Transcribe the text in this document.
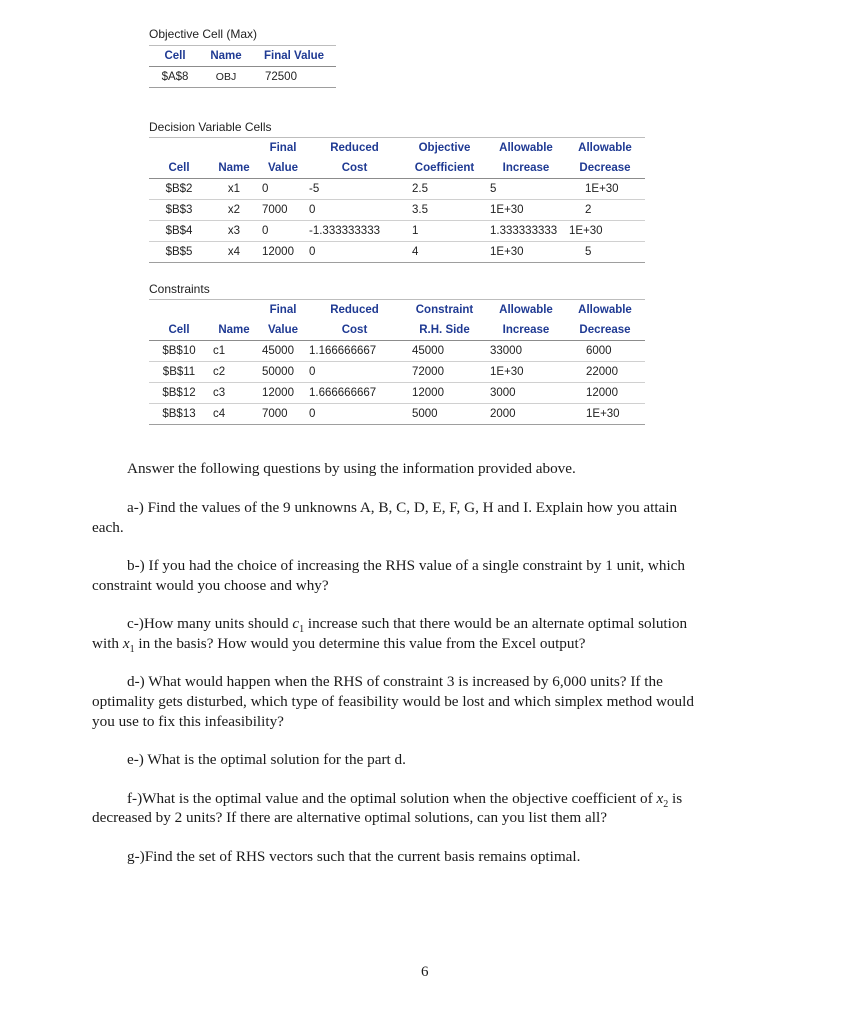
Objective Cell (Max)
Cell	Name	Final Value
$A$8	OBJ	72500
Decision Variable Cells
		Final	Reduced	Objective	Allowable	Allowable
Cell	Name	Value	Cost	Coefficient	Increase	Decrease
$B$2	x1	0	-5	2.5	5	1E+30
$B$3	x2	7000	0	3.5	1E+30	2
$B$4	x3	0	-1.333333333	1	1.333333333	1E+30
$B$5	x4	12000	0	4	1E+30	5
Constraints
		Final	Reduced	Constraint	Allowable	Allowable
Cell	Name	Value	Cost	R.H. Side	Increase	Decrease
$B$10	c1	45000	1.166666667	45000	33000	6000
$B$11	c2	50000	0	72000	1E+30	22000
$B$12	c3	12000	1.666666667	12000	3000	12000
$B$13	c4	7000	0	5000	2000	1E+30
Answer the following questions by using the information provided above.
a-) Find the values of the 9 unknowns A, B, C, D, E, F, G, H and I. Explain how you attain
each.
b-) If you had the choice of increasing the RHS value of a single constraint by 1 unit, which
constraint would you choose and why?
c-)How many units should $c_1$ increase such that there would be an alternate optimal solution
with $x_1$ in the basis? How would you determine this value from the Excel output?
d-) What would happen when the RHS of constraint 3 is increased by 6,000 units? If the
optimality gets disturbed, which type of feasibility would be lost and which simplex method would
you use to fix this infeasibility?
e-) What is the optimal solution for the part d.
f-)What is the optimal value and the optimal solution when the objective coefficient of $x_2$ is
decreased by 2 units? If there are alternative optimal solutions, can you list them all?
g-)Find the set of RHS vectors such that the current basis remains optimal.
6
